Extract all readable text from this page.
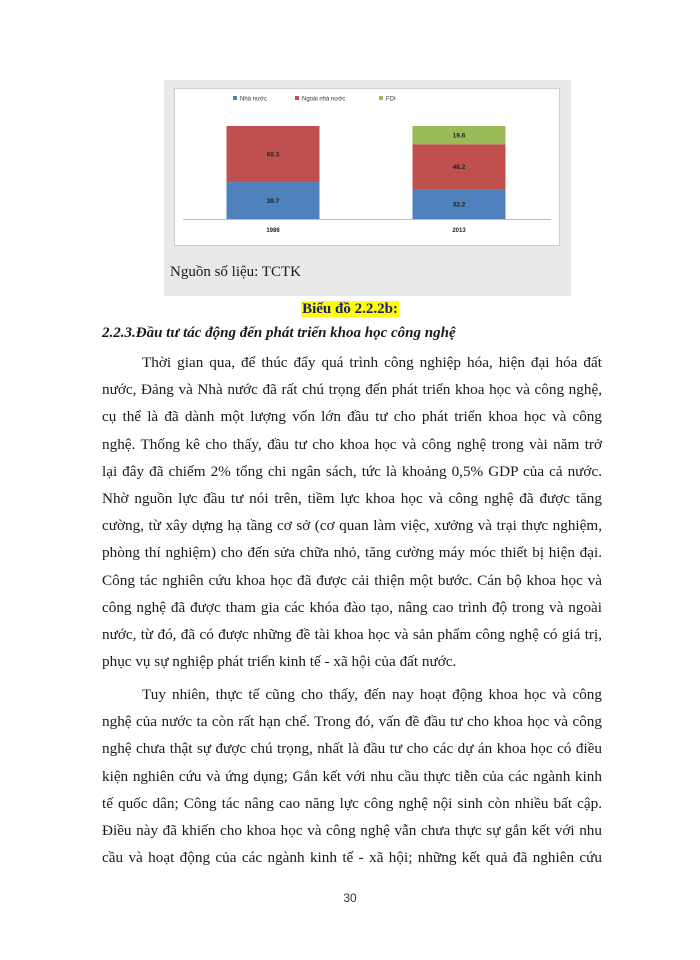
Nhà nước	Ngoài nhà nước	FDI
39.7
60.3
1986
32.2
48.2
19.6
2013
Nguồn số liệu: TCTK
Biểu đồ 2.2.2b:
2.2.3.Đầu tư tác động đến phát triển khoa học công nghệ
Thời gian qua, để thúc đẩy quá trình công nghiệp hóa, hiện đại hóa đất
nước, Đảng và Nhà nước đã rất chú trọng đến phát triển khoa học và công nghệ,
cụ thể là đã dành một lượng vốn lớn đầu tư cho phát triển khoa học và công
nghệ. Thống kê cho thấy, đầu tư cho khoa học và công nghệ trong vài năm trở
lại đây đã chiếm 2% tổng chi ngân sách, tức là khoảng 0,5% GDP của cả nước.
Nhờ nguồn lực đầu tư nói trên, tiềm lực khoa học và công nghệ đã được tăng
cường, từ xây dựng hạ tầng cơ sở (cơ quan làm việc, xưởng và trại thực nghiệm,
phòng thí nghiệm) cho đến sửa chữa nhỏ, tăng cường máy móc thiết bị hiện đại.
Công tác nghiên cứu khoa học đã được cải thiện một bước. Cán bộ khoa học và
công nghệ đã được tham gia các khóa đào tạo, nâng cao trình độ trong và ngoài
nước, từ đó, đã có được những đề tài khoa học và sản phẩm công nghệ có giá trị,
phục vụ sự nghiệp phát triển kinh tế - xã hội của đất nước.
Tuy nhiên, thực tế cũng cho thấy, đến nay hoạt động khoa học và công
nghệ của nước ta còn rất hạn chế. Trong đó, vấn đề đầu tư cho khoa học và công
nghệ chưa thật sự được chú trọng, nhất là đầu tư cho các dự án khoa học có điều
kiện nghiên cứu và ứng dụng; Gắn kết với nhu cầu thực tiễn của các ngành kinh
tế quốc dân; Công tác nâng cao năng lực công nghệ nội sinh còn nhiều bất cập.
Điều này đã khiến cho khoa học và công nghệ vẫn chưa thực sự gắn kết với nhu
cầu và hoạt động của các ngành kinh tế - xã hội; những kết quả đã nghiên cứu
30
